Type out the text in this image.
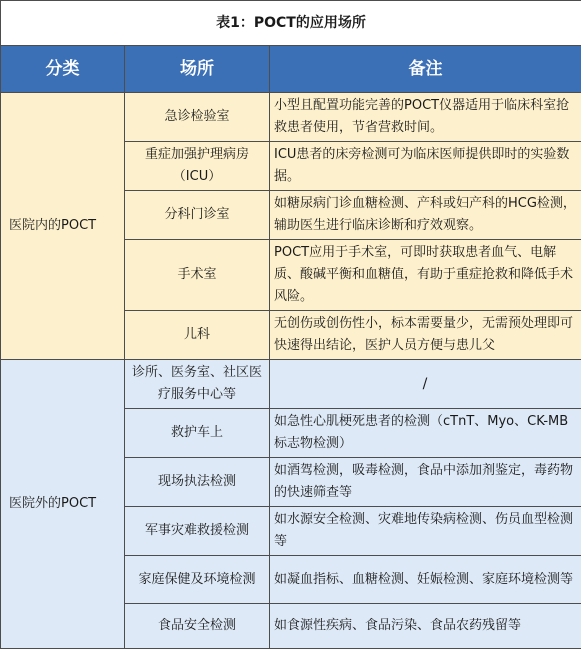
表1：POCT的应用场所		
分类	场所	备注
医院内的POCT	急诊检验室	小型且配置功能完善的POCT仪器适用于临床科室抢救患者使用，节省营救时间。
	重症加强护理病房（ICU）	ICU患者的床旁检测可为临床医师提供即时的实验数据。
	分科门诊室	如糖尿病门诊血糖检测、产科或妇产科的HCG检测，辅助医生进行临床诊断和疗效观察。
	手术室	POCT应用于手术室，可即时获取患者血气、电解质、酸碱平衡和血糖值，有助于重症抢救和降低手术风险。
	儿科	无创伤或创伤性小，标本需要量少，无需预处理即可快速得出结论，医护人员方便与患儿父
医院外的POCT	诊所、医务室、社区医疗服务中心等	/
	救护车上	如急性心肌梗死患者的检测（cTnT、Myo、CK-MB标志物检测）
	现场执法检测	如酒驾检测，吸毒检测，食品中添加剂鉴定，毒药物的快速筛查等
	军事灾难救援检测	如水源安全检测、灾难地传染病检测、伤员血型检测等
	家庭保健及环境检测	如凝血指标、血糖检测、妊娠检测、家庭环境检测等
	食品安全检测	如食源性疾病、食品污染、食品农药残留等
